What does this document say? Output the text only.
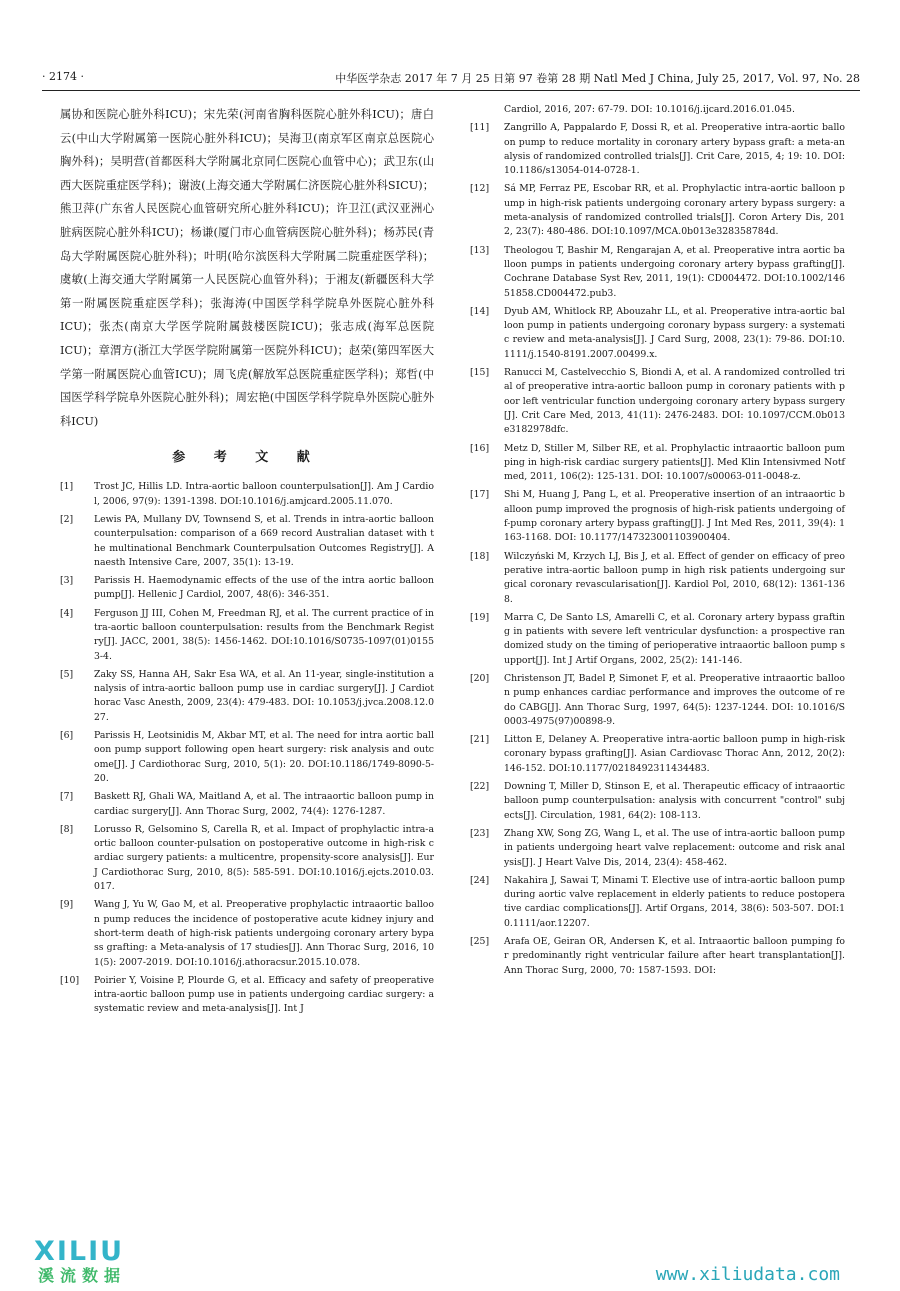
· 2174 ·	中华医学杂志 2017 年 7 月 25 日第 97 卷第 28 期 Natl Med J China, July 25, 2017, Vol. 97, No. 28

属协和医院心脏外科ICU)；宋先荣(河南省胸科医院心脏外科ICU)；唐白云(中山大学附属第一医院心脏外科ICU)；吴海卫(南京军区南京总医院心胸外科)；吴明营(首都医科大学附属北京同仁医院心血管中心)；武卫东(山西大医院重症医学科)；谢波(上海交通大学附属仁济医院心脏外科SICU)；熊卫萍(广东省人民医院心血管研究所心脏外科ICU)；许卫江(武汉亚洲心脏病医院心脏外科ICU)；杨谦(厦门市心血管病医院心脏外科)；杨苏民(青岛大学附属医院心脏外科)；叶明(哈尔滨医科大学附属二院重症医学科)；虞敏(上海交通大学附属第一人民医院心血管外科)；于湘友(新疆医科大学第一附属医院重症医学科)；张海涛(中国医学科学院阜外医院心脏外科ICU)；张杰(南京大学医学院附属鼓楼医院ICU)；张志成(海军总医院ICU)；章渭方(浙江大学医学院附属第一医院外科ICU)；赵荣(第四军医大学第一附属医院心血管ICU)；周飞虎(解放军总医院重症医学科)；郑哲(中国医学科学院阜外医院心脏外科)；周宏艳(中国医学科学院阜外医院心脏外科ICU)

参 考 文 献
[1]	Trost JC, Hillis LD. Intra-aortic balloon counterpulsation[J]. Am J Cardiol, 2006, 97(9): 1391-1398. DOI:10.1016/j.amjcard.2005.11.070.
[2]	Lewis PA, Mullany DV, Townsend S, et al. Trends in intra-aortic balloon counterpulsation: comparison of a 669 record Australian dataset with the multinational Benchmark Counterpulsation Outcomes Registry[J]. Anaesth Intensive Care, 2007, 35(1): 13-19.
[3]	Parissis H. Haemodynamic effects of the use of the intra aortic balloon pump[J]. Hellenic J Cardiol, 2007, 48(6): 346-351.
[4]	Ferguson JJ III, Cohen M, Freedman RJ, et al. The current practice of intra-aortic balloon counterpulsation: results from the Benchmark Registry[J]. JACC, 2001, 38(5): 1456-1462. DOI:10.1016/S0735-1097(01)01553-4.
[5]	Zaky SS, Hanna AH, Sakr Esa WA, et al. An 11-year, single-institution analysis of intra-aortic balloon pump use in cardiac surgery[J]. J Cardiothorac Vasc Anesth, 2009, 23(4): 479-483. DOI: 10.1053/j.jvca.2008.12.027.
[6]	Parissis H, Leotsinidis M, Akbar MT, et al. The need for intra aortic balloon pump support following open heart surgery: risk analysis and outcome[J]. J Cardiothorac Surg, 2010, 5(1): 20. DOI:10.1186/1749-8090-5-20.
[7]	Baskett RJ, Ghali WA, Maitland A, et al. The intraaortic balloon pump in cardiac surgery[J]. Ann Thorac Surg, 2002, 74(4): 1276-1287.
[8]	Lorusso R, Gelsomino S, Carella R, et al. Impact of prophylactic intra-aortic balloon counter-pulsation on postoperative outcome in high-risk cardiac surgery patients: a multicentre, propensity-score analysis[J]. Eur J Cardiothorac Surg, 2010, 8(5): 585-591. DOI:10.1016/j.ejcts.2010.03.017.
[9]	Wang J, Yu W, Gao M, et al. Preoperative prophylactic intraaortic balloon pump reduces the incidence of postoperative acute kidney injury and short-term death of high-risk patients undergoing coronary artery bypass grafting: a Meta-analysis of 17 studies[J]. Ann Thorac Surg, 2016, 101(5): 2007-2019. DOI:10.1016/j.athoracsur.2015.10.078.
[10]	Poirier Y, Voisine P, Plourde G, et al. Efficacy and safety of preoperative intra-aortic balloon pump use in patients undergoing cardiac surgery: a systematic review and meta-analysis[J]. Int J
Cardiol, 2016, 207: 67-79. DOI: 10.1016/j.ijcard.2016.01.045.
[11]	Zangrillo A, Pappalardo F, Dossi R, et al. Preoperative intra-aortic balloon pump to reduce mortality in coronary artery bypass graft: a meta-analysis of randomized controlled trials[J]. Crit Care, 2015, 4; 19: 10. DOI:10.1186/s13054-014-0728-1.
[12]	Sá MP, Ferraz PE, Escobar RR, et al. Prophylactic intra-aortic balloon pump in high-risk patients undergoing coronary artery bypass surgery: a meta-analysis of randomized controlled trials[J]. Coron Artery Dis, 2012, 23(7): 480-486. DOI:10.1097/MCA.0b013e328358784d.
[13]	Theologou T, Bashir M, Rengarajan A, et al. Preoperative intra aortic balloon pumps in patients undergoing coronary artery bypass grafting[J]. Cochrane Database Syst Rev, 2011, 19(1): CD004472. DOI:10.1002/14651858.CD004472.pub3.
[14]	Dyub AM, Whitlock RP, Abouzahr LL, et al. Preoperative intra-aortic balloon pump in patients undergoing coronary bypass surgery: a systematic review and meta-analysis[J]. J Card Surg, 2008, 23(1): 79-86. DOI:10.1111/j.1540-8191.2007.00499.x.
[15]	Ranucci M, Castelvecchio S, Biondi A, et al. A randomized controlled trial of preoperative intra-aortic balloon pump in coronary patients with poor left ventricular function undergoing coronary artery bypass surgery[J]. Crit Care Med, 2013, 41(11): 2476-2483. DOI: 10.1097/CCM.0b013e3182978dfc.
[16]	Metz D, Stiller M, Silber RE, et al. Prophylactic intraaortic balloon pumping in high-risk cardiac surgery patients[J]. Med Klin Intensivmed Notfmed, 2011, 106(2): 125-131. DOI: 10.1007/s00063-011-0048-z.
[17]	Shi M, Huang J, Pang L, et al. Preoperative insertion of an intraaortic balloon pump improved the prognosis of high-risk patients undergoing off-pump coronary artery bypass grafting[J]. J Int Med Res, 2011, 39(4): 1163-1168. DOI: 10.1177/147323001103900404.
[18]	Wilczyński M, Krzych LJ, Bis J, et al. Effect of gender on efficacy of preoperative intra-aortic balloon pump in high risk patients undergoing surgical coronary revascularisation[J]. Kardiol Pol, 2010, 68(12): 1361-1368.
[19]	Marra C, De Santo LS, Amarelli C, et al. Coronary artery bypass grafting in patients with severe left ventricular dysfunction: a prospective randomized study on the timing of perioperative intraaortic balloon pump support[J]. Int J Artif Organs, 2002, 25(2): 141-146.
[20]	Christenson JT, Badel P, Simonet F, et al. Preoperative intraaortic balloon pump enhances cardiac performance and improves the outcome of redo CABG[J]. Ann Thorac Surg, 1997, 64(5): 1237-1244. DOI: 10.1016/S0003-4975(97)00898-9.
[21]	Litton E, Delaney A. Preoperative intra-aortic balloon pump in high-risk coronary bypass grafting[J]. Asian Cardiovasc Thorac Ann, 2012, 20(2): 146-152. DOI:10.1177/0218492311434483.
[22]	Downing T, Miller D, Stinson E, et al. Therapeutic efficacy of intraaortic balloon pump counterpulsation: analysis with concurrent "control" subjects[J]. Circulation, 1981, 64(2): 108-113.
[23]	Zhang XW, Song ZG, Wang L, et al. The use of intra-aortic balloon pump in patients undergoing heart valve replacement: outcome and risk analysis[J]. J Heart Valve Dis, 2014, 23(4): 458-462.
[24]	Nakahira J, Sawai T, Minami T. Elective use of intra-aortic balloon pump during aortic valve replacement in elderly patients to reduce postoperative cardiac complications[J]. Artif Organs, 2014, 38(6): 503-507. DOI:10.1111/aor.12207.
[25]	Arafa OE, Geiran OR, Andersen K, et al. Intraaortic balloon pumping for predominantly right ventricular failure after heart transplantation[J]. Ann Thorac Surg, 2000, 70: 1587-1593. DOI:
XILIU
溪流数据	www.xiliudata.com
